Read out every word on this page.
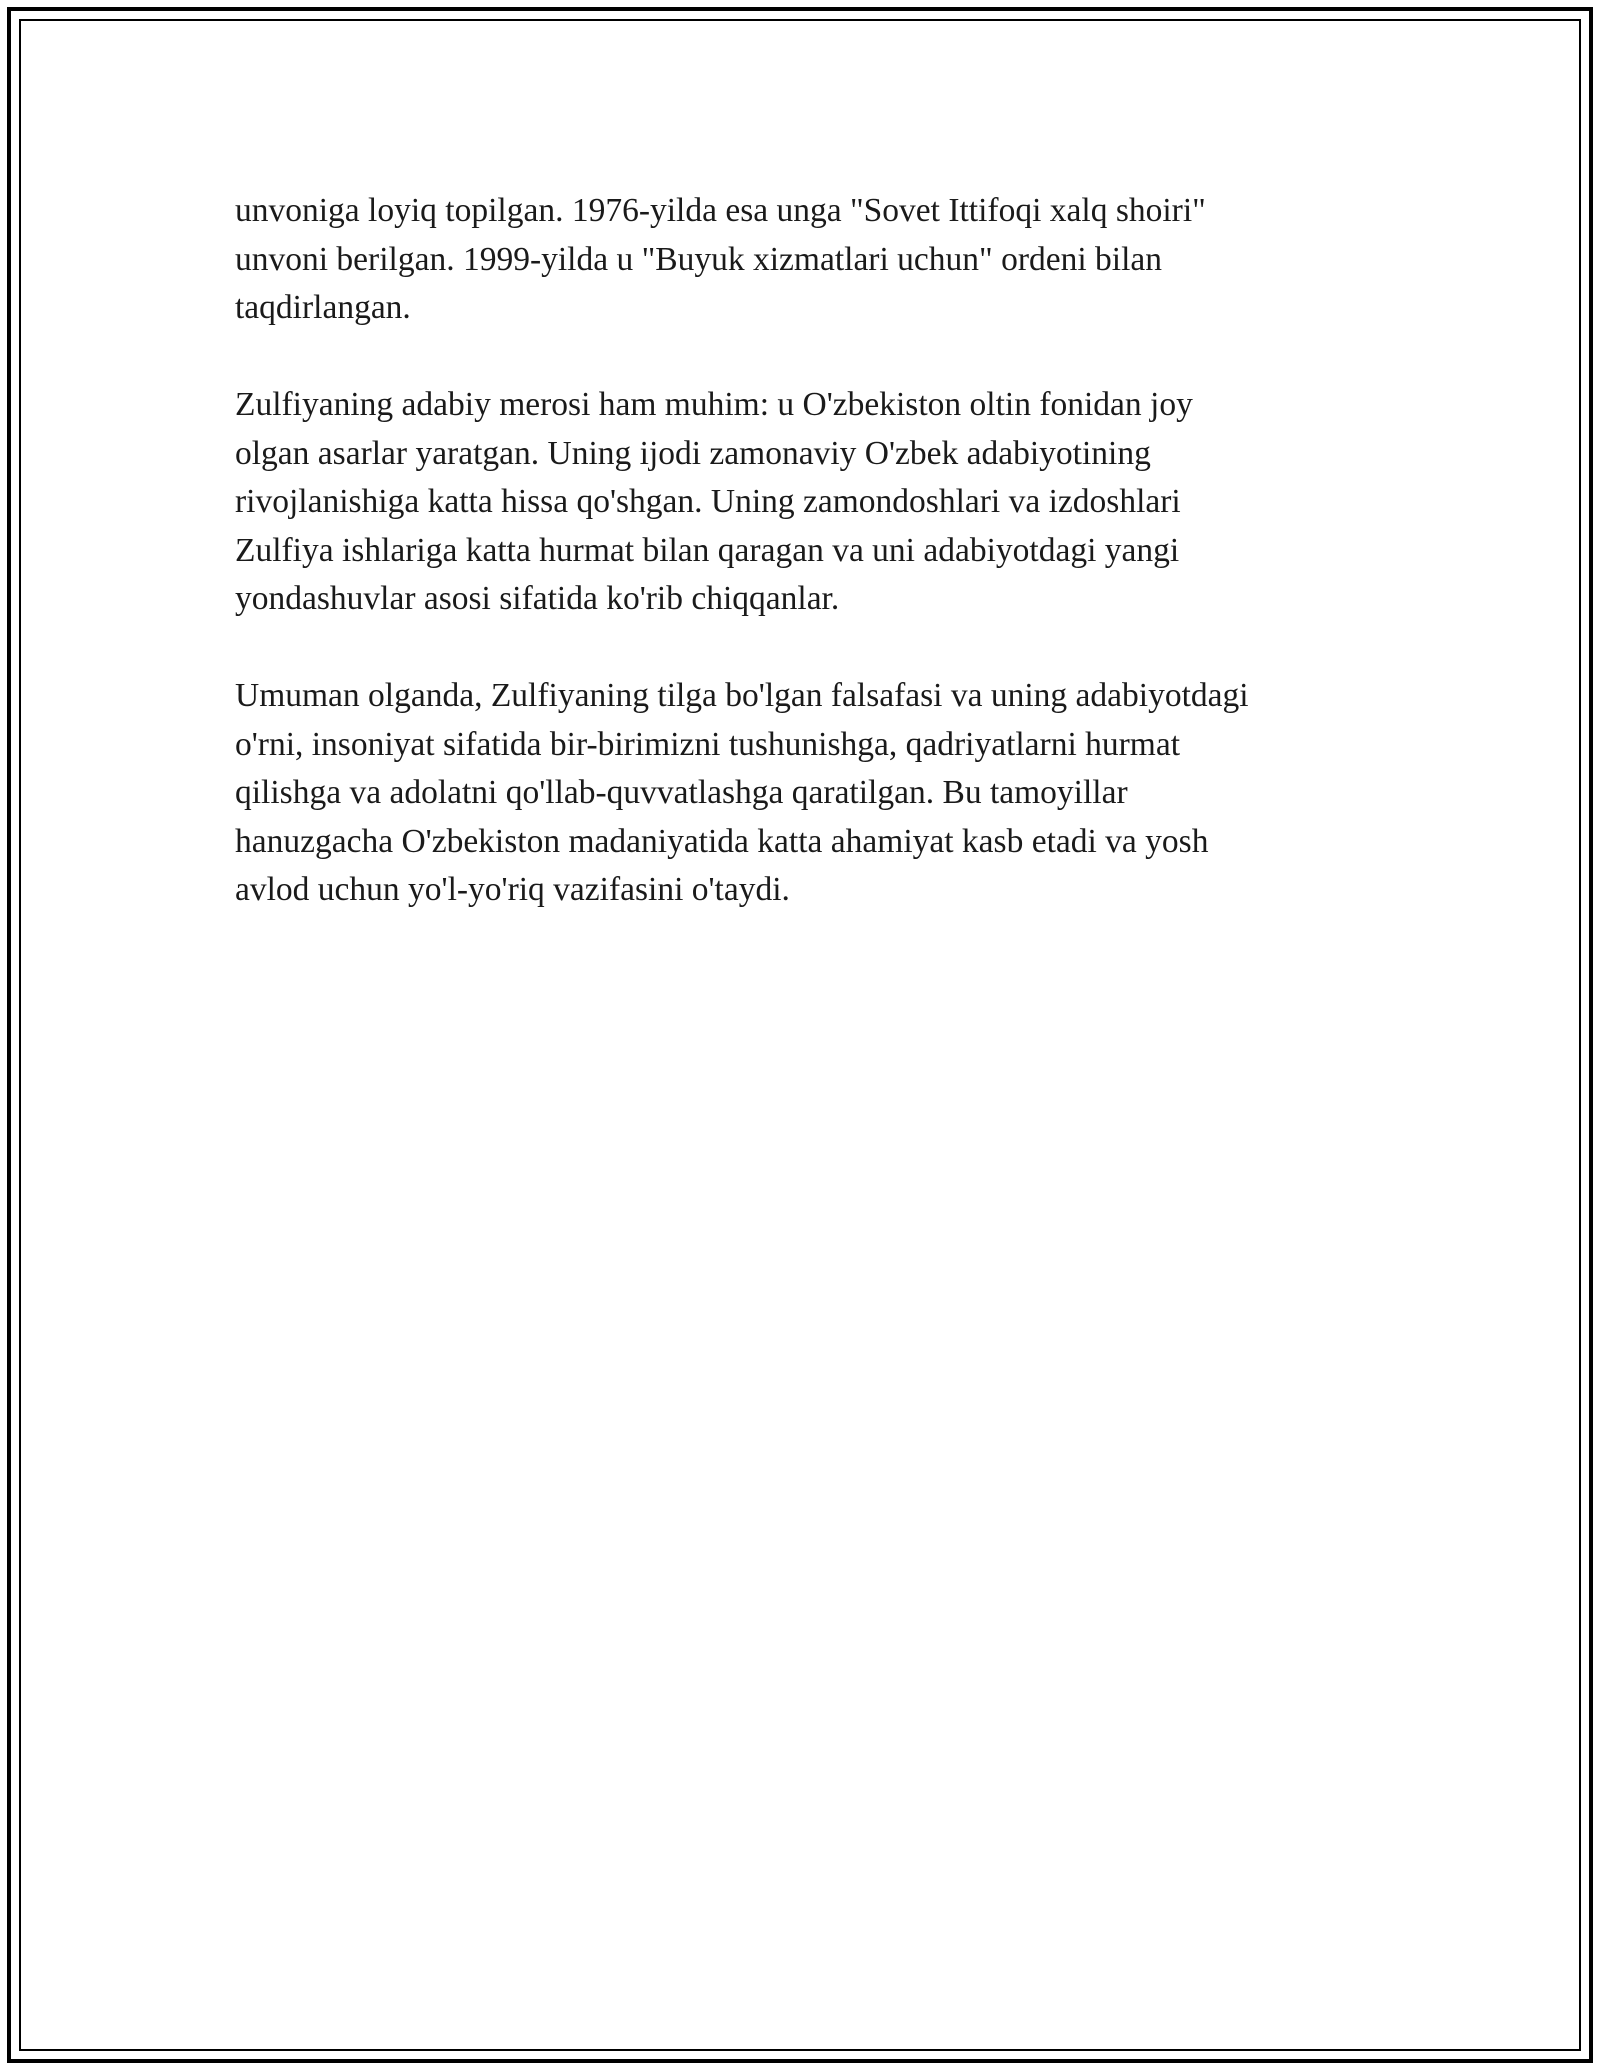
unvoniga loyiq topilgan. 1976-yilda esa unga "Sovet Ittifoqi xalq shoiri"
unvoni berilgan. 1999-yilda u "Buyuk xizmatlari uchun" ordeni bilan
taqdirlangan.

Zulfiyaning adabiy merosi ham muhim: u O'zbekiston oltin fonidan joy
olgan asarlar yaratgan. Uning ijodi zamonaviy O'zbek adabiyotining
rivojlanishiga katta hissa qo'shgan. Uning zamondoshlari va izdoshlari
Zulfiya ishlariga katta hurmat bilan qaragan va uni adabiyotdagi yangi
yondashuvlar asosi sifatida ko'rib chiqqanlar.

Umuman olganda, Zulfiyaning tilga bo'lgan falsafasi va uning adabiyotdagi
o'rni, insoniyat sifatida bir-birimizni tushunishga, qadriyatlarni hurmat
qilishga va adolatni qo'llab-quvvatlashga qaratilgan. Bu tamoyillar
hanuzgacha O'zbekiston madaniyatida katta ahamiyat kasb etadi va yosh
avlod uchun yo'l-yo'riq vazifasini o'taydi.
